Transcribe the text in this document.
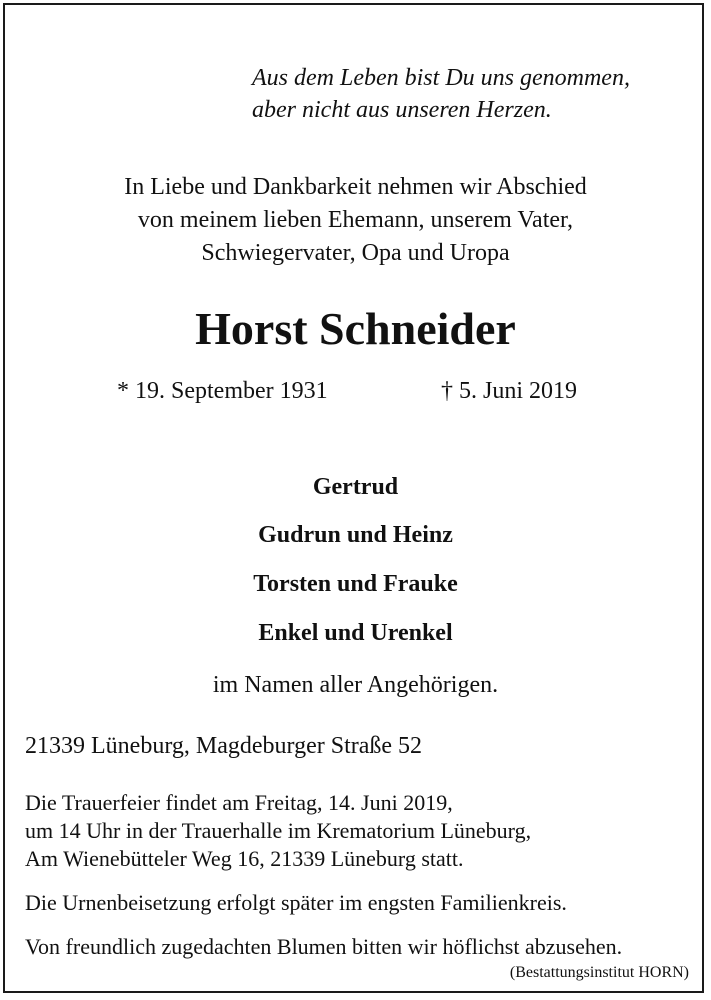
Aus dem Leben bist Du uns genommen,
aber nicht aus unseren Herzen.
In Liebe und Dankbarkeit nehmen wir Abschied
von meinem lieben Ehemann, unserem Vater,
Schwiegervater, Opa und Uropa
Horst Schneider
* 19. September 1931	† 5. Juni 2019
Gertrud
Gudrun und Heinz
Torsten und Frauke
Enkel und Urenkel
im Namen aller Angehörigen.
21339 Lüneburg, Magdeburger Straße 52
Die Trauerfeier findet am Freitag, 14. Juni 2019,
um 14 Uhr in der Trauerhalle im Krematorium Lüneburg,
Am Wienebütteler Weg 16, 21339 Lüneburg statt.
Die Urnenbeisetzung erfolgt später im engsten Familienkreis.
Von freundlich zugedachten Blumen bitten wir höflichst abzusehen.
(Bestattungsinstitut HORN)
